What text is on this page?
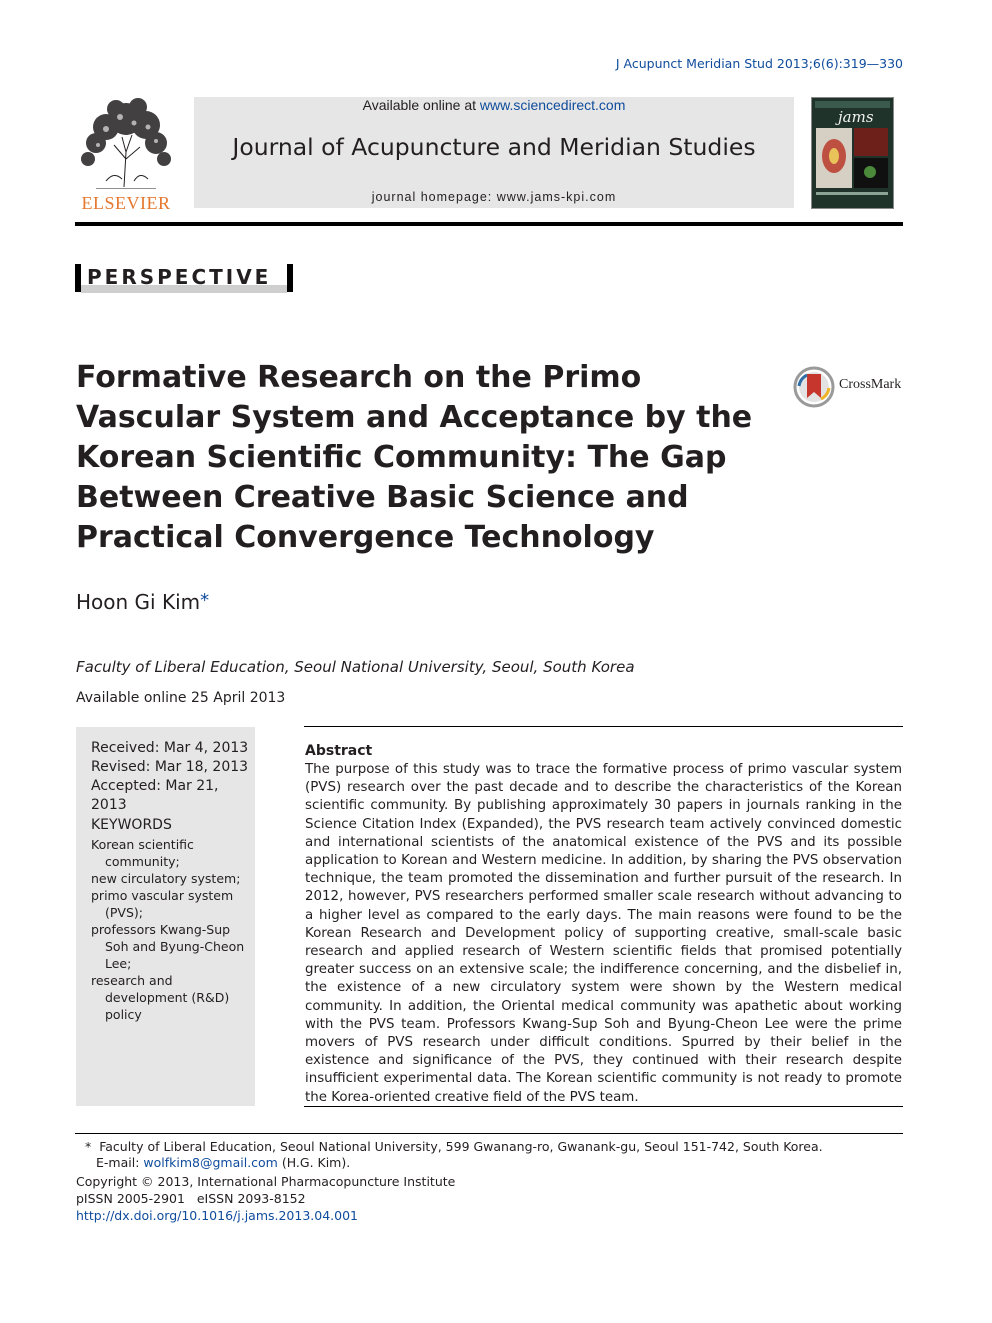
J Acupunct Meridian Stud 2013;6(6):319—330
ELSEVIER
Available online at www.sciencedirect.com
Journal of Acupuncture and Meridian Studies
journal homepage: www.jams-kpi.com
jams
PERSPECTIVE
Formative Research on the Primo Vascular System and Acceptance by the Korean Scientific Community: The Gap Between Creative Basic Science and Practical Convergence Technology
CrossMark
Hoon Gi Kim*
Faculty of Liberal Education, Seoul National University, Seoul, South Korea
Available online 25 April 2013
Received: Mar 4, 2013
Revised: Mar 18, 2013
Accepted: Mar 21, 2013
KEYWORDS
Korean scientific community;
new circulatory system;
primo vascular system (PVS);
professors Kwang-Sup Soh and Byung-Cheon Lee;
research and development (R&D) policy
Abstract
The purpose of this study was to trace the formative process of primo vascular system (PVS) research over the past decade and to describe the characteristics of the Korean scientific community. By publishing approximately 30 papers in journals ranking in the Science Citation Index (Expanded), the PVS research team actively convinced domestic and international scientists of the anatomical existence of the PVS and its possible application to Korean and Western medicine. In addition, by sharing the PVS observation technique, the team promoted the dissemination and further pursuit of the research. In 2012, however, PVS researchers performed smaller scale research without advancing to a higher level as compared to the early days. The main reasons were found to be the Korean Research and Development policy of supporting creative, small-scale basic research and applied research of Western scientific fields that promised potentially greater success on an extensive scale; the indifference concerning, and the disbelief in, the existence of a new circulatory system were shown by the Western medical community. In addition, the Oriental medical community was apathetic about working with the PVS team. Professors Kwang-Sup Soh and Byung-Cheon Lee were the prime movers of PVS research under difficult conditions. Spurred by their belief in the existence and significance of the PVS, they continued with their research despite insufficient experimental data. The Korean scientific community is not ready to promote the Korea-oriented creative field of the PVS team.
* Faculty of Liberal Education, Seoul National University, 599 Gwanang-ro, Gwanank-gu, Seoul 151-742, South Korea.
E-mail: wolfkim8@gmail.com (H.G. Kim).
Copyright © 2013, International Pharmacopuncture Institute
pISSN 2005-2901   eISSN 2093-8152
http://dx.doi.org/10.1016/j.jams.2013.04.001
